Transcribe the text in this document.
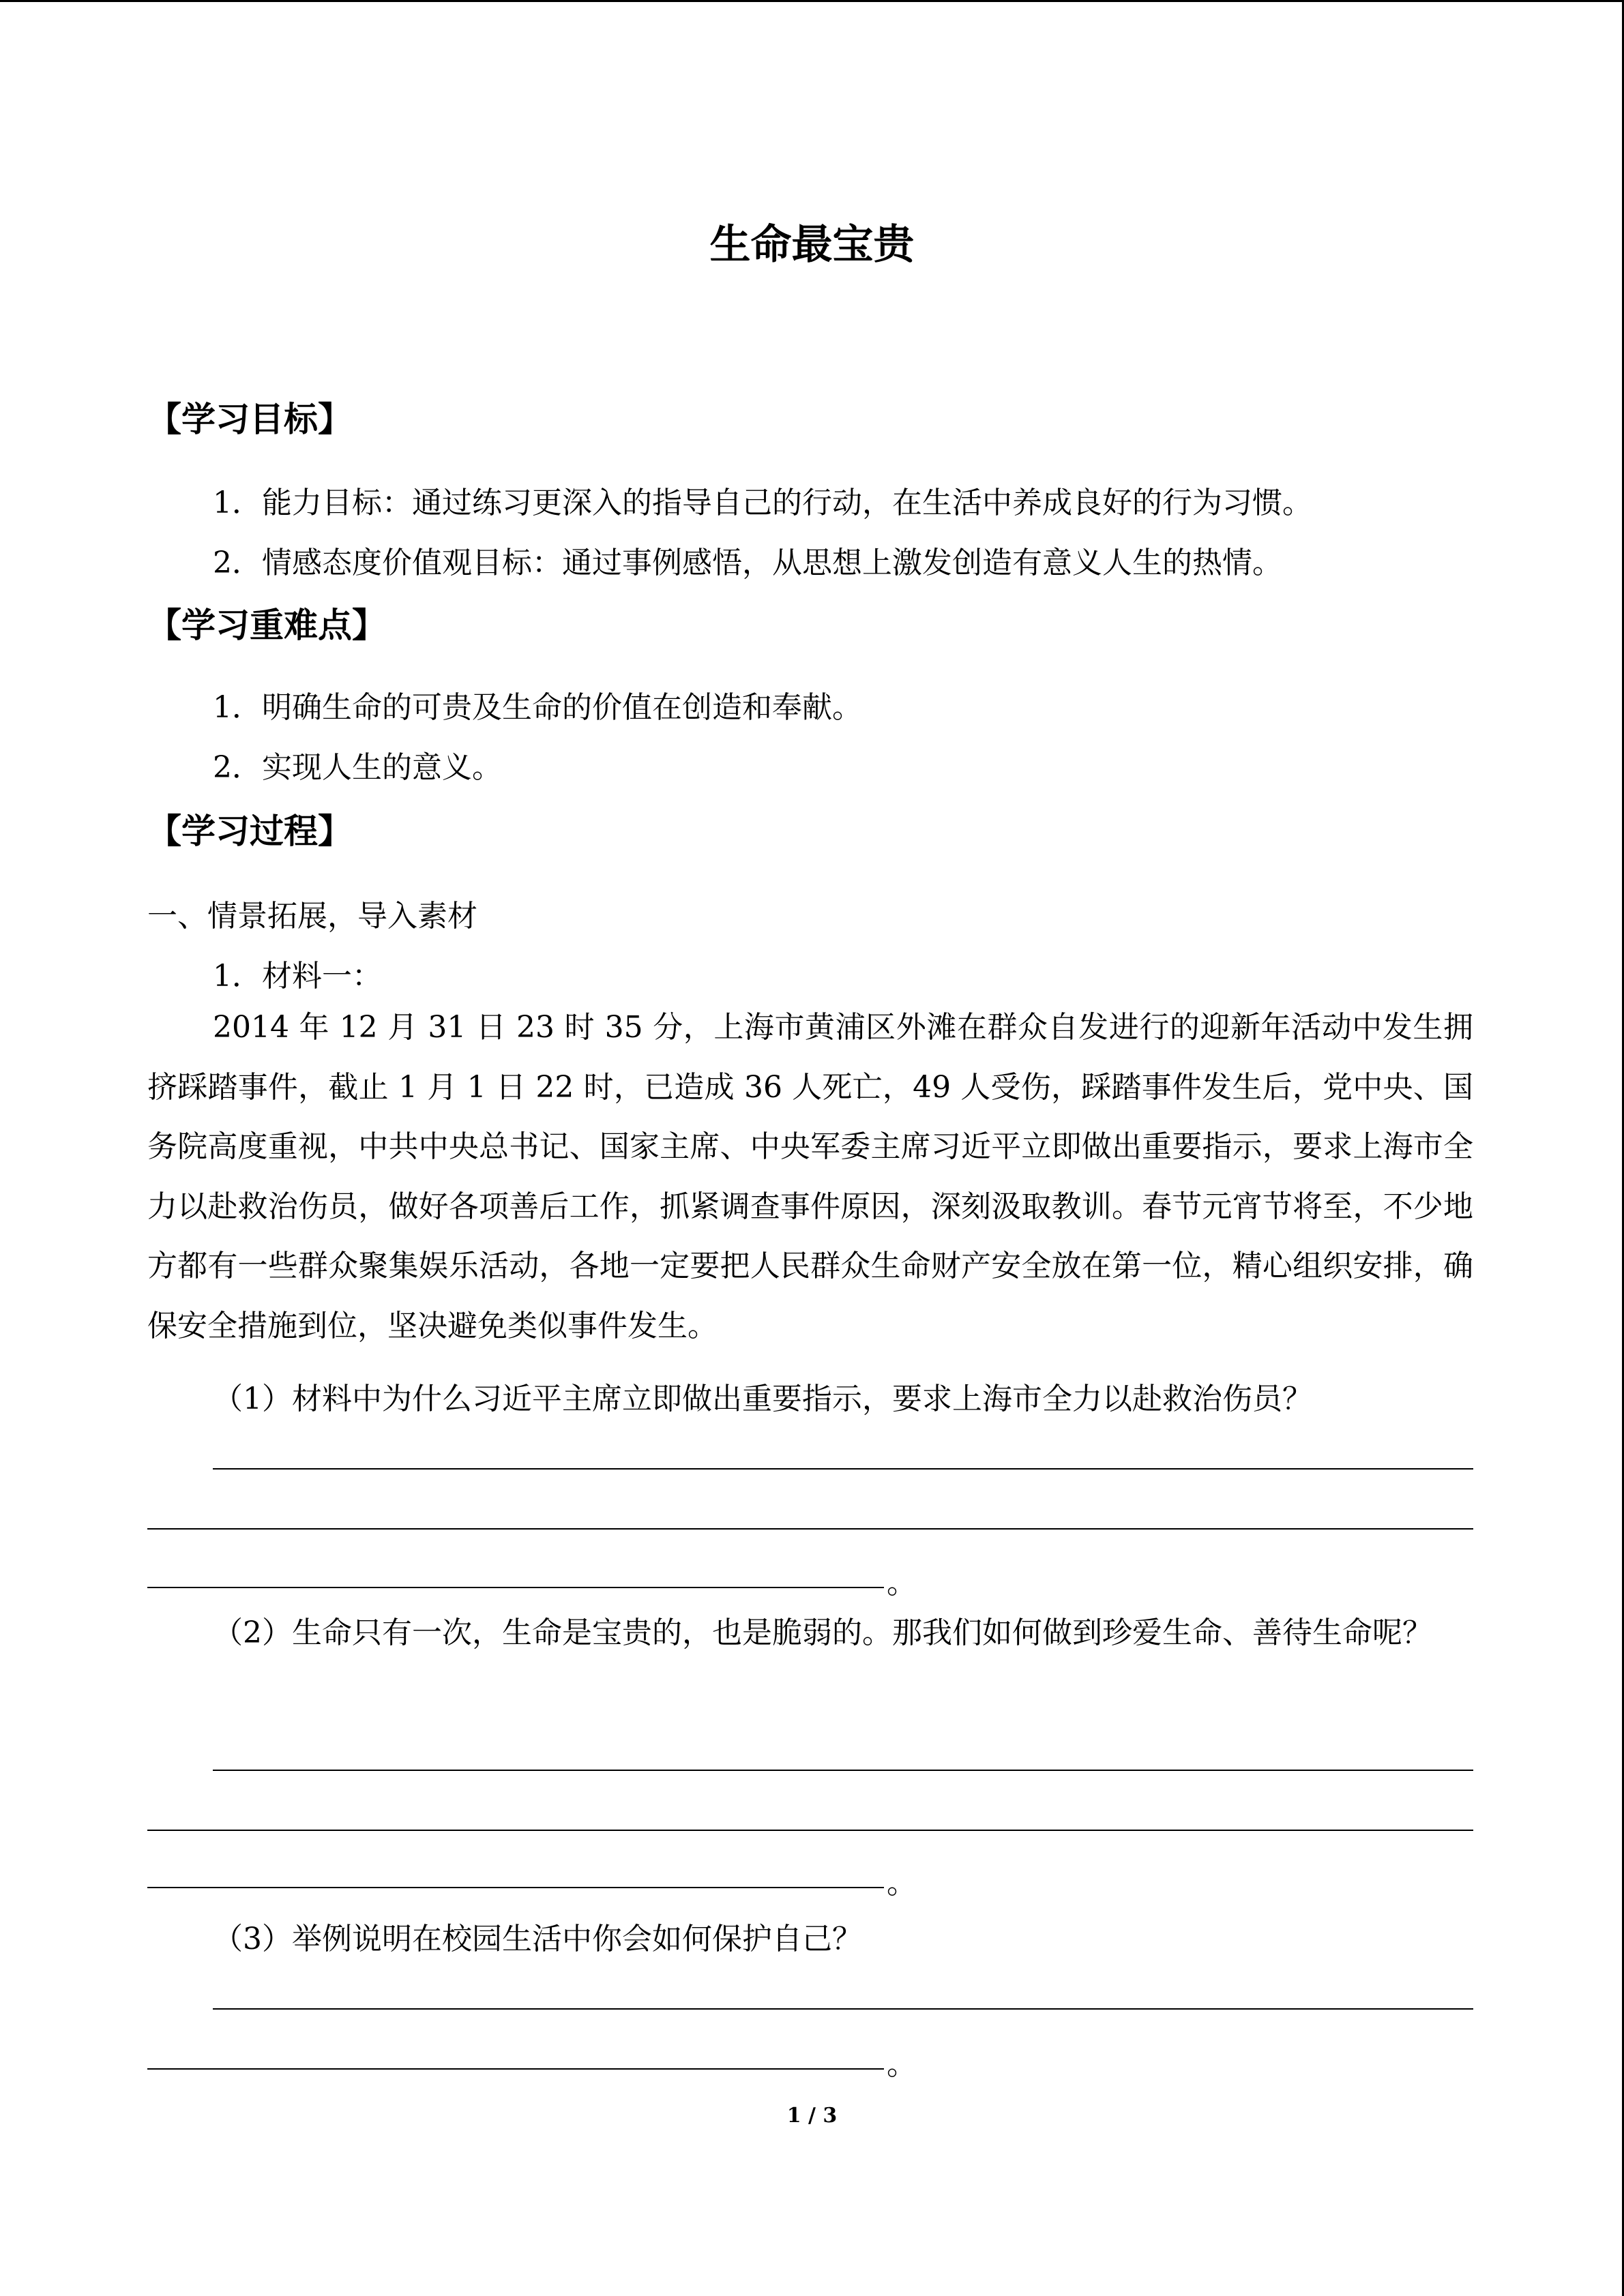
生命最宝贵
【学习目标】
1．能力目标：通过练习更深入的指导自己的行动，在生活中养成良好的行为习惯。
2．情感态度价值观目标：通过事例感悟，从思想上激发创造有意义人生的热情。
【学习重难点】
1．明确生命的可贵及生命的价值在创造和奉献。
2．实现人生的意义。
【学习过程】
一、情景拓展，导入素材
1．材料一：

2014 年 12 月 31 日 23 时 35 分，上海市黄浦区外滩在群众自发进行的迎新年活动中发生拥挤踩踏事件，截止 1 月 1 日 22 时，已造成 36 人死亡，49 人受伤，踩踏事件发生后，党中央、国务院高度重视，中共中央总书记、国家主席、中央军委主席习近平立即做出重要指示，要求上海市全力以赴救治伤员，做好各项善后工作，抓紧调查事件原因，深刻汲取教训。春节元宵节将至，不少地方都有一些群众聚集娱乐活动，各地一定要把人民群众生命财产安全放在第一位，精心组织安排，确保安全措施到位，坚决避免类似事件发生。

（1）材料中为什么习近平主席立即做出重要指示，要求上海市全力以赴救治伤员？
。

（2）生命只有一次，生命是宝贵的，也是脆弱的。那我们如何做到珍爱生命、善待生命呢？

。
（3）举例说明在校园生活中你会如何保护自己？
。
1 / 3
